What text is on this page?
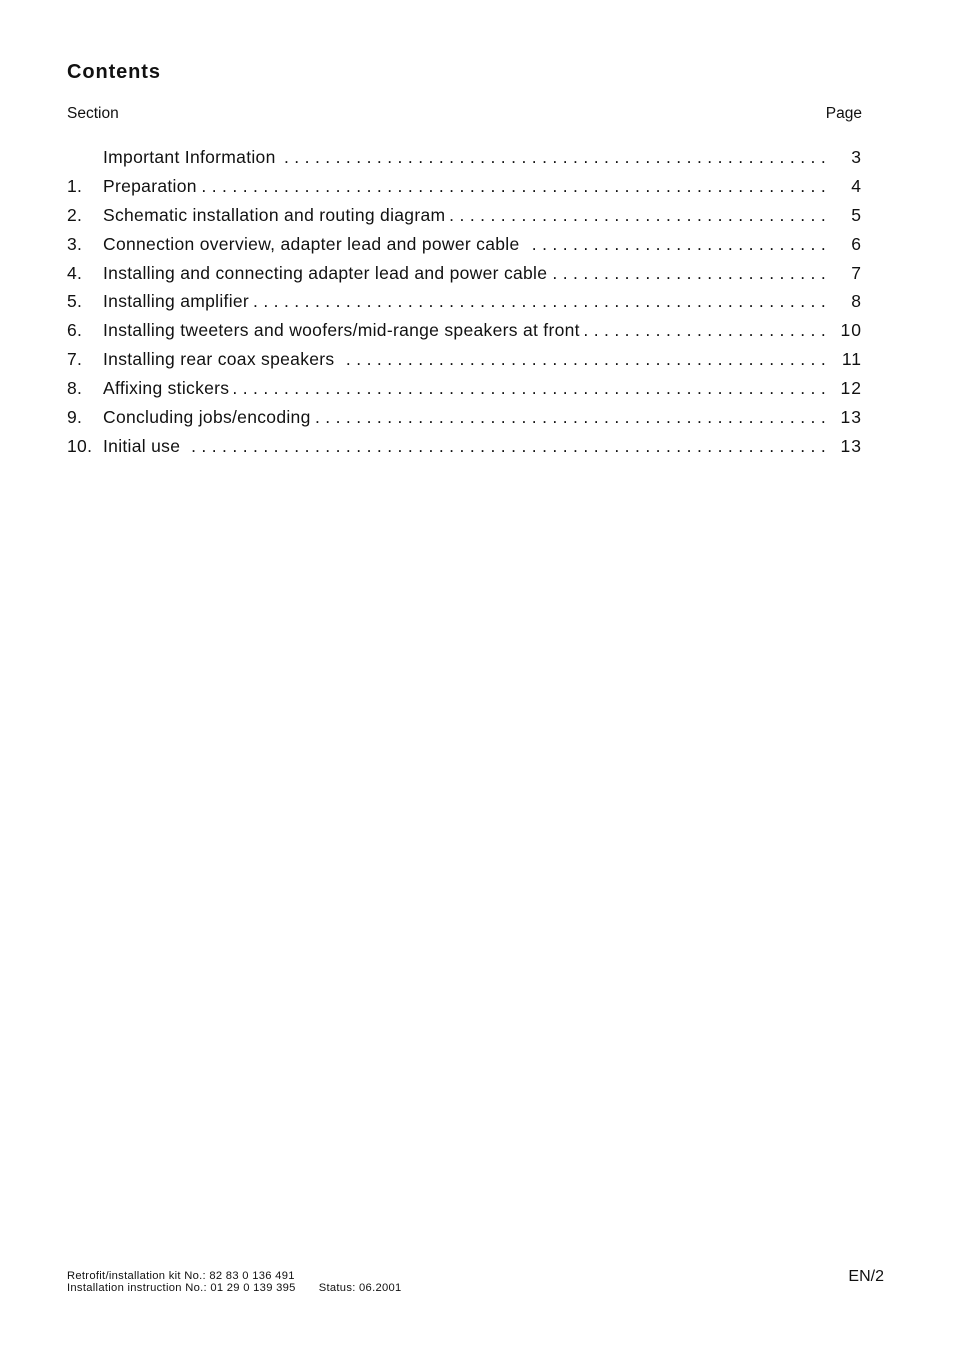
Contents
Section	Page
Important Information . . .	3
1.	Preparation . . .	4
2.	Schematic installation and routing diagram . . .	5
3.	Connection overview, adapter lead and power cable . . .	6
4.	Installing and connecting adapter lead and power cable . . .	7
5.	Installing amplifier . . .	8
6.	Installing tweeters and woofers/mid-range speakers at front . . .	10
7.	Installing rear coax speakers . . .	11
8.	Affixing stickers . . .	12
9.	Concluding jobs/encoding . . .	13
10. Initial use . . .	13
Retrofit/installation kit No.: 82 83 0 136 491
Installation instruction No.: 01 29 0 139 395 Status: 06.2001
EN/2
